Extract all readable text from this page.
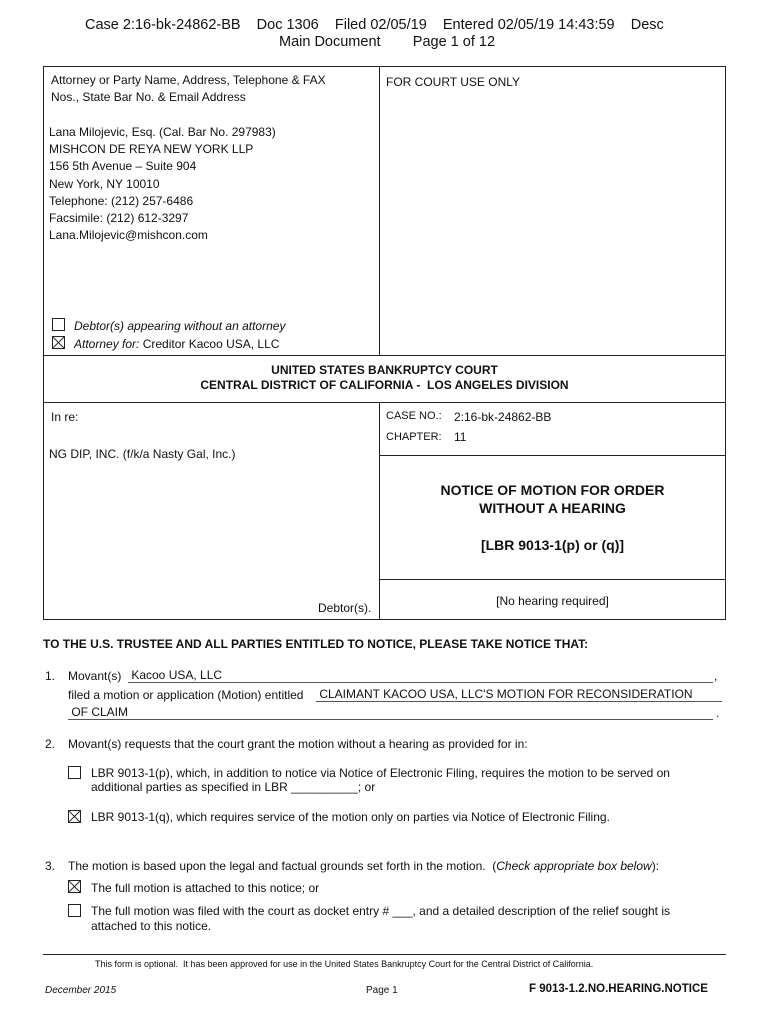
Case 2:16-bk-24862-BB    Doc 1306    Filed 02/05/19    Entered 02/05/19 14:43:59    Desc
Main Document        Page 1 of 12
Attorney or Party Name, Address, Telephone & FAX
Nos., State Bar No. & Email Address
Lana Milojevic, Esq. (Cal. Bar No. 297983)
MISHCON DE REYA NEW YORK LLP
156 5th Avenue – Suite 904
New York, NY 10010
Telephone: (212) 257-6486
Facsimile: (212) 612-3297
Lana.Milojevic@mishcon.com
Debtor(s) appearing without an attorney
Attorney for: Creditor Kacoo USA, LLC
FOR COURT USE ONLY
UNITED STATES BANKRUPTCY COURT
CENTRAL DISTRICT OF CALIFORNIA -  LOS ANGELES DIVISION
In re:
NG DIP, INC. (f/k/a Nasty Gal, Inc.)
Debtor(s).
CASE NO.: 2:16-bk-24862-BB
CHAPTER: 11
NOTICE OF MOTION FOR ORDER
WITHOUT A HEARING
[LBR 9013-1(p) or (q)]
[No hearing required]
TO THE U.S. TRUSTEE AND ALL PARTIES ENTITLED TO NOTICE, PLEASE TAKE NOTICE THAT:
1. Movant(s) Kacoo USA, LLC	,
filed a motion or application (Motion) entitled CLAIMANT KACOO USA, LLC'S MOTION FOR RECONSIDERATION
OF CLAIM	.
2. Movant(s) requests that the court grant the motion without a hearing as provided for in:
LBR 9013-1(p), which, in addition to notice via Notice of Electronic Filing, requires the motion to be served on
additional parties as specified in LBR __________; or
LBR 9013-1(q), which requires service of the motion only on parties via Notice of Electronic Filing.
3. The motion is based upon the legal and factual grounds set forth in the motion.  (Check appropriate box below):
The full motion is attached to this notice; or
The full motion was filed with the court as docket entry # ___, and a detailed description of the relief sought is
attached to this notice.
This form is optional.  It has been approved for use in the United States Bankruptcy Court for the Central District of California.
December 2015	Page 1	F 9013-1.2.NO.HEARING.NOTICE
